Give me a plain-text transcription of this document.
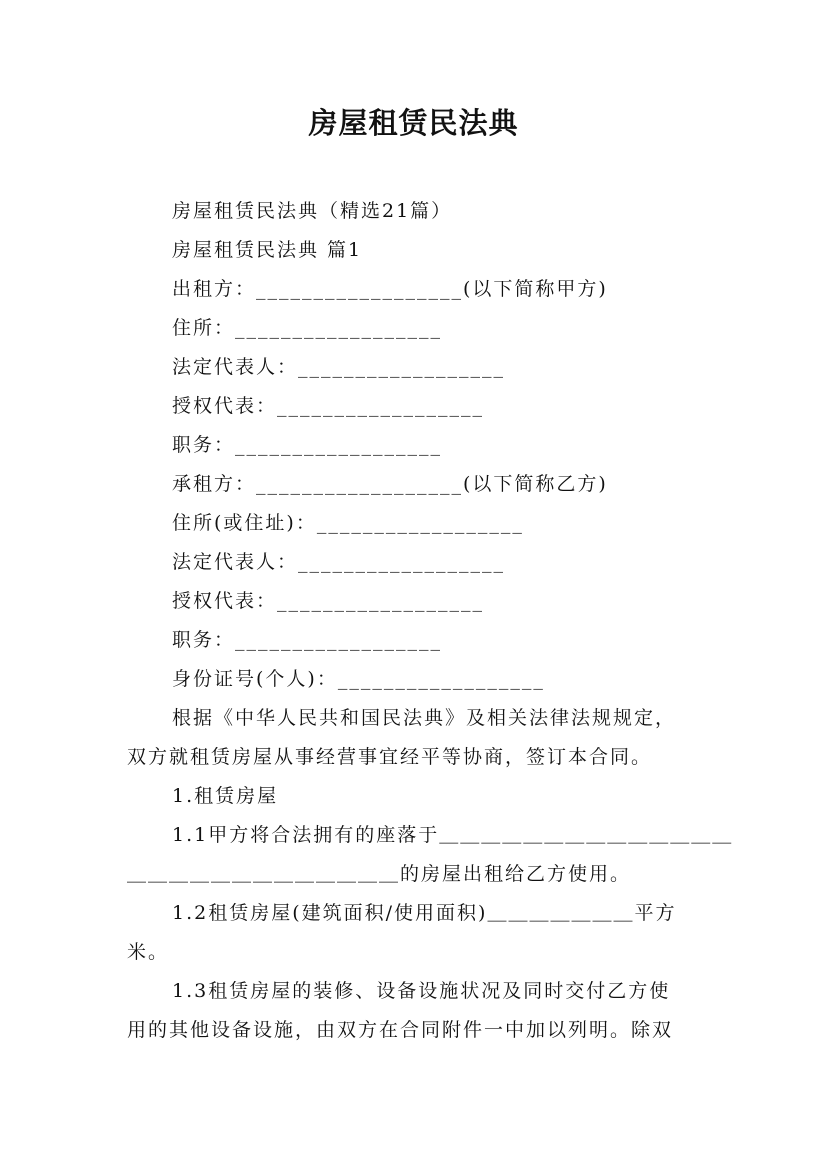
房屋租赁民法典
房屋租赁民法典（精选21篇）
房屋租赁民法典 篇1
出租方：__________________(以下简称甲方)
住所：__________________
法定代表人：__________________
授权代表：__________________
职务：__________________
承租方：__________________(以下简称乙方)
住所(或住址)：__________________
法定代表人：__________________
授权代表：__________________
职务：__________________
身份证号(个人)：__________________
根据《中华人民共和国民法典》及相关法律法规规定，
双方就租赁房屋从事经营事宜经平等协商，签订本合同。
1.租赁房屋
1.1甲方将合法拥有的座落于＿＿＿＿＿＿＿＿＿＿＿＿＿＿
＿＿＿＿＿＿＿＿＿＿＿＿＿的房屋出租给乙方使用。
1.2租赁房屋(建筑面积/使用面积)＿＿＿＿＿＿＿平方
米。
1.3租赁房屋的装修、设备设施状况及同时交付乙方使
用的其他设备设施，由双方在合同附件一中加以列明。除双
